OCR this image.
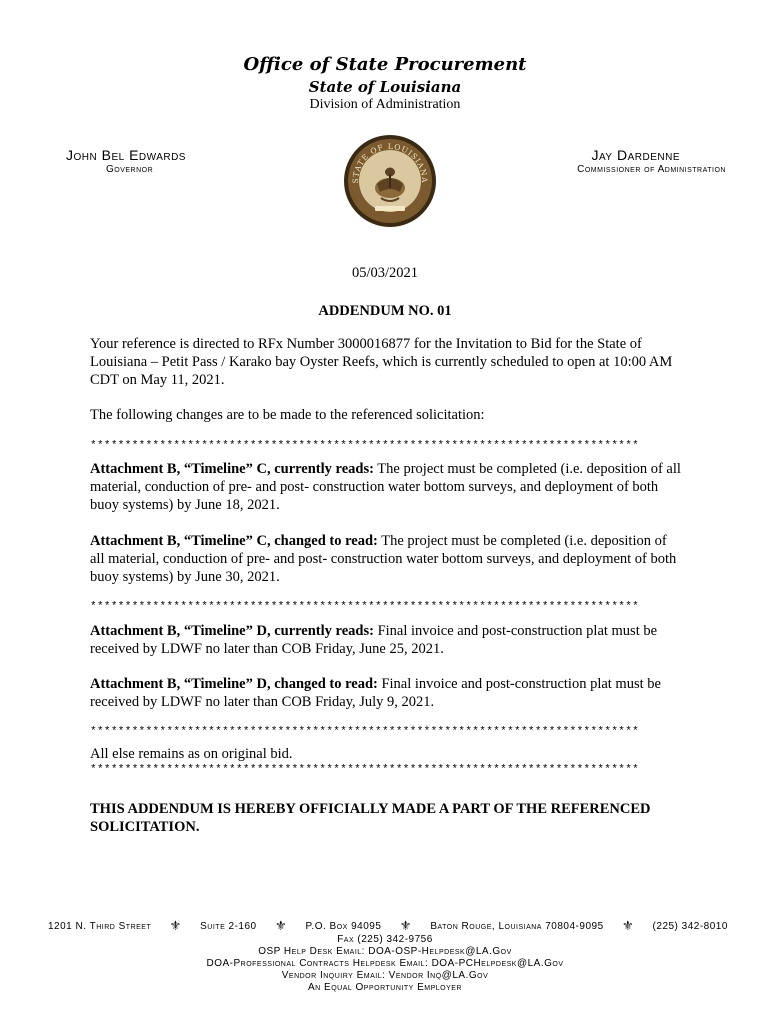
Office of State Procurement
State of Louisiana
Division of Administration
John Bel Edwards
Governor
Jay Dardenne
Commissioner of Administration
STATE OF LOUISIANA
05/03/2021
ADDENDUM NO. 01
Your reference is directed to RFx Number 3000016877 for the Invitation to Bid for the State of Louisiana – Petit Pass / Karako bay Oyster Reefs, which is currently scheduled to open at 10:00 AM CDT on May 11, 2021.
The following changes are to be made to the referenced solicitation:
*******************************************************************************
Attachment B, “Timeline” C, currently reads: The project must be completed (i.e. deposition of all material, conduction of pre- and post- construction water bottom surveys, and deployment of both buoy systems) by June 18, 2021.
Attachment B, “Timeline” C, changed to read: The project must be completed (i.e. deposition of all material, conduction of pre- and post- construction water bottom surveys, and deployment of both buoy systems) by June 30, 2021.
*******************************************************************************
Attachment B, “Timeline” D, currently reads: Final invoice and post-construction plat must be received by LDWF no later than COB Friday, June 25, 2021.
Attachment B, “Timeline” D, changed to read: Final invoice and post-construction plat must be received by LDWF no later than COB Friday, July 9, 2021.
*******************************************************************************
All else remains as on original bid.
*******************************************************************************
THIS ADDENDUM IS HEREBY OFFICIALLY MADE A PART OF THE REFERENCED SOLICITATION.
1201 N. Third Street ⚜ Suite 2-160 ⚜ P.O. Box 94095 ⚜ Baton Rouge, Louisiana 70804-9095 ⚜ (225) 342-8010
Fax (225) 342-9756
OSP Help Desk Email: DOA-OSP-Helpdesk@LA.Gov
DOA-Professional Contracts Helpdesk Email: DOA-PCHelpdesk@LA.Gov
Vendor Inquiry Email: Vendor Inq@LA.Gov
An Equal Opportunity Employer
